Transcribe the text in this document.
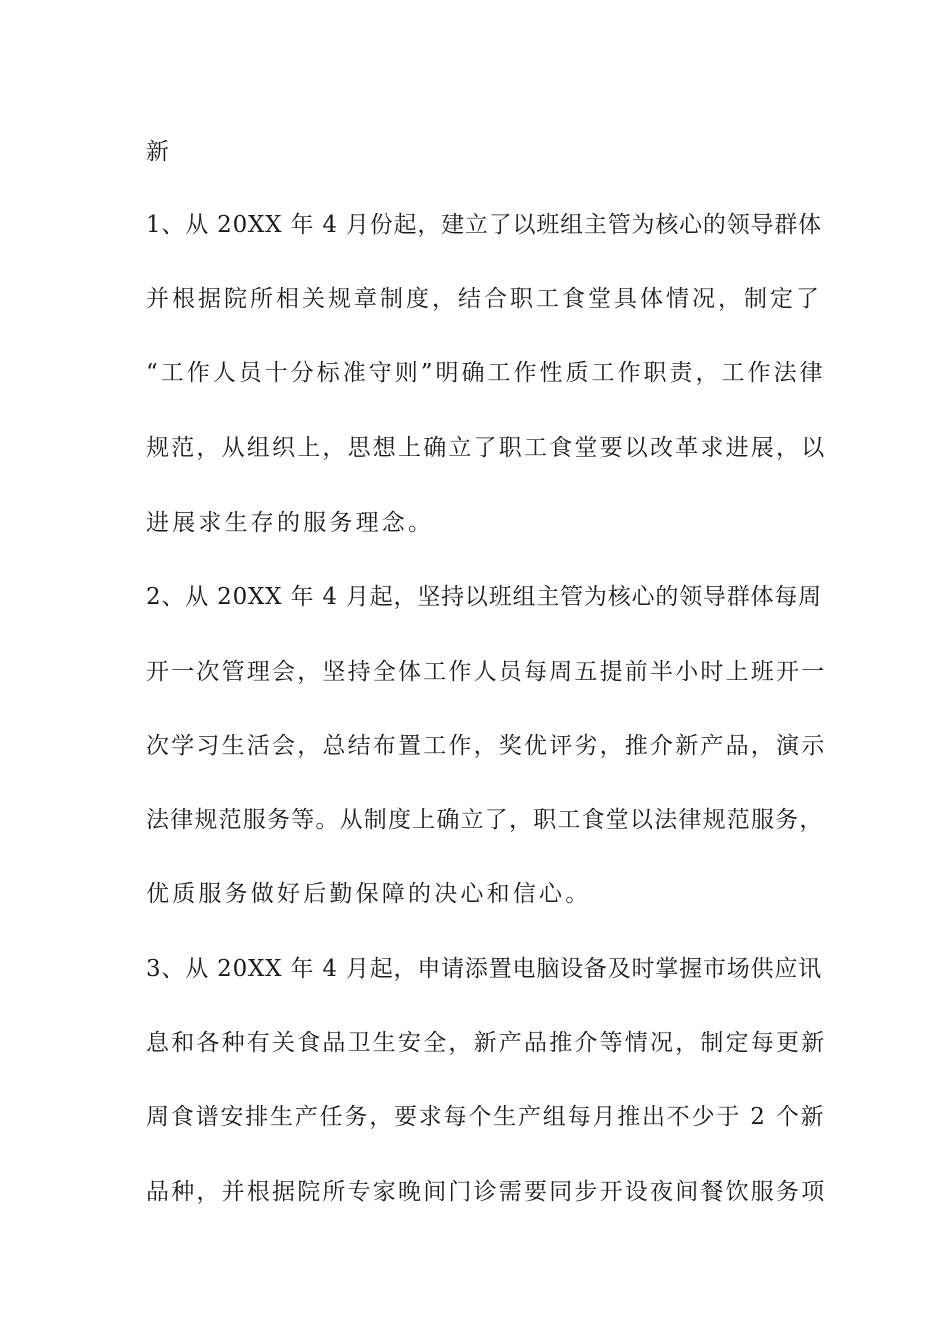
新
1、从 20XX 年 4 月份起，建立了以班组主管为核心的领导群体
并根据院所相关规章制度，结合职工食堂具体情况，制定了
“工作人员十分标准守则”明确工作性质工作职责，工作法律
规范，从组织上，思想上确立了职工食堂要以改革求进展，以
进展求生存的服务理念。
2、从 20XX 年 4 月起，坚持以班组主管为核心的领导群体每周
开一次管理会，坚持全体工作人员每周五提前半小时上班开一
次学习生活会，总结布置工作，奖优评劣，推介新产品，演示
法律规范服务等。从制度上确立了，职工食堂以法律规范服务，
优质服务做好后勤保障的决心和信心。
3、从 20XX 年 4 月起，申请添置电脑设备及时掌握市场供应讯
息和各种有关食品卫生安全，新产品推介等情况，制定每更新
周食谱安排生产任务，要求每个生产组每月推出不少于 2 个新
品种，并根据院所专家晚间门诊需要同步开设夜间餐饮服务项
